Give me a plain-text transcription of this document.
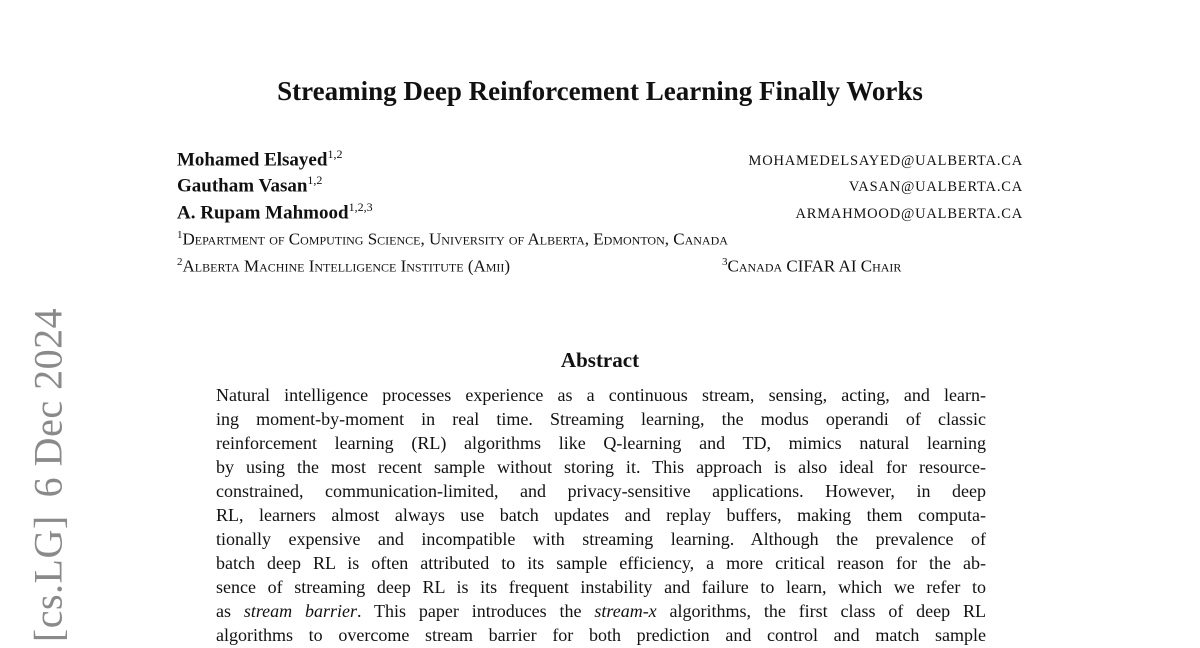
[cs.LG]6 Dec 2024
Streaming Deep Reinforcement Learning Finally Works
Mohamed Elsayed$^{1,2}$	MOHAMEDELSAYED@UALBERTA.CA
Gautham Vasan$^{1,2}$	VASAN@UALBERTA.CA
A. Rupam Mahmood$^{1,2,3}$	ARMAHMOOD@UALBERTA.CA
$^1$Department of Computing Science, University of Alberta, Edmonton, Canada
$^2$Alberta Machine Intelligence Institute (Amii)	$^3$Canada CIFAR AI Chair
Abstract
Natural intelligence processes experience as a continuous stream, sensing, acting, and learn-
ing moment-by-moment in real time. Streaming learning, the modus operandi of classic
reinforcement learning (RL) algorithms like Q-learning and TD, mimics natural learning
by using the most recent sample without storing it. This approach is also ideal for resource-
constrained, communication-limited, and privacy-sensitive applications. However, in deep
RL, learners almost always use batch updates and replay buffers, making them computa-
tionally expensive and incompatible with streaming learning. Although the prevalence of
batch deep RL is often attributed to its sample efficiency, a more critical reason for the ab-
sence of streaming deep RL is its frequent instability and failure to learn, which we refer to
as stream barrier. This paper introduces the stream-x algorithms, the first class of deep RL
algorithms to overcome stream barrier for both prediction and control and match sample
